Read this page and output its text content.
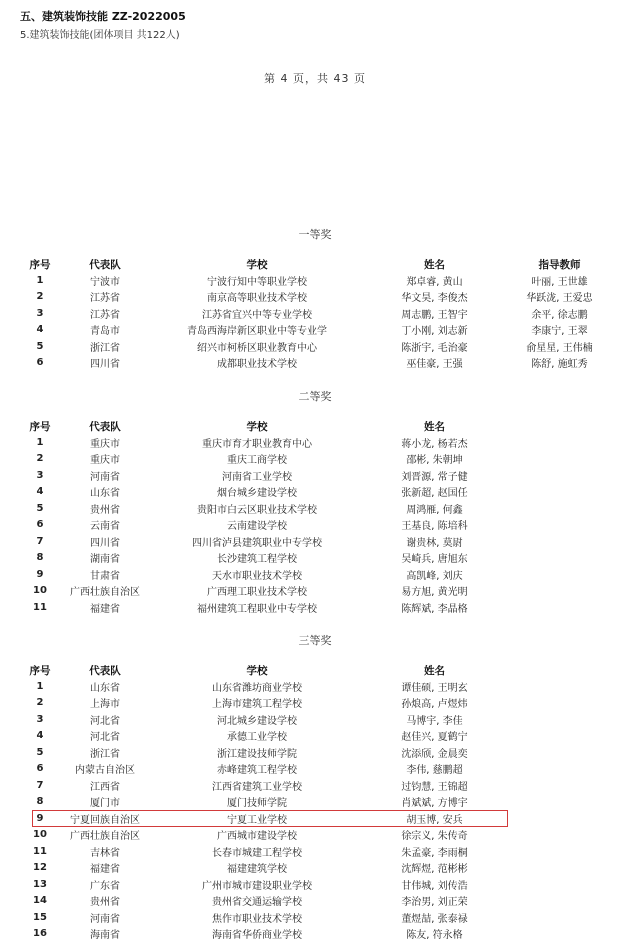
五、建筑装饰技能 ZZ-2022005
5.建筑装饰技能(团体项目 共122人)
第 4 页，共 43 页
一等奖
序号	代表队	学校	姓名	指导教师
1	宁波市	宁波行知中等职业学校	郑卓睿, 黄山	叶丽, 王世雄
2	江苏省	南京高等职业技术学校	华文昊, 李俊杰	华跃泷, 王爱忠
3	江苏省	江苏省宜兴中等专业学校	周志鹏, 王智宇	余平, 徐志鹏
4	青岛市	青岛西海岸新区职业中等专业学	丁小刚, 刘志新	李康宁, 王翠
5	浙江省	绍兴市柯桥区职业教育中心	陈浙宇, 毛治豪	俞星星, 王伟楠
6	四川省	成都职业技术学校	巫佳豪, 王强	陈舒, 施虹秀
二等奖
序号	代表队	学校	姓名	
1	重庆市	重庆市育才职业教育中心	蒋小龙, 杨若杰	
2	重庆市	重庆工商学校	邵彬, 朱朝坤	
3	河南省	河南省工业学校	刘晋源, 常子健	
4	山东省	烟台城乡建设学校	张新超, 赵国任	
5	贵州省	贵阳市白云区职业技术学校	周鸿雁, 何鑫	
6	云南省	云南建设学校	王基良, 陈培科	
7	四川省	四川省泸县建筑职业中专学校	谢贵林, 莫尉	
8	湖南省	长沙建筑工程学校	吴崎兵, 唐旭东	
9	甘肃省	天水市职业技术学校	高凯峰, 刘庆	
10	广西壮族自治区	广西理工职业技术学校	易方旭, 黄光明	
11	福建省	福州建筑工程职业中专学校	陈辉斌, 李晶格	
三等奖
序号	代表队	学校	姓名	
1	山东省	山东省潍坊商业学校	谭佳硕, 王明玄	
2	上海市	上海市建筑工程学校	孙烺高, 卢煜炜	
3	河北省	河北城乡建设学校	马博宇, 李佳	
4	河北省	承德工业学校	赵佳兴, 夏鹤宁	
5	浙江省	浙江建设技师学院	沈添颀, 金晨奕	
6	内蒙古自治区	赤峰建筑工程学校	李伟, 慈鹏超	
7	江西省	江西省建筑工业学校	过钧慧, 王锦超	
8	厦门市	厦门技师学院	肖斌斌, 方博宇	
9	宁夏回族自治区	宁夏工业学校	胡玉博, 安兵	
10	广西壮族自治区	广西城市建设学校	徐宗义, 朱传奇	
11	吉林省	长春市城建工程学校	朱孟豪, 李雨桐	
12	福建省	福建建筑学校	沈辉煜, 范彬彬	
13	广东省	广州市城市建设职业学校	甘伟城, 刘传浩	
14	贵州省	贵州省交通运输学校	李治男, 刘正荣	
15	河南省	焦作市职业技术学校	董煜喆, 张泰禄	
16	海南省	海南省华侨商业学校	陈友, 符永格	
